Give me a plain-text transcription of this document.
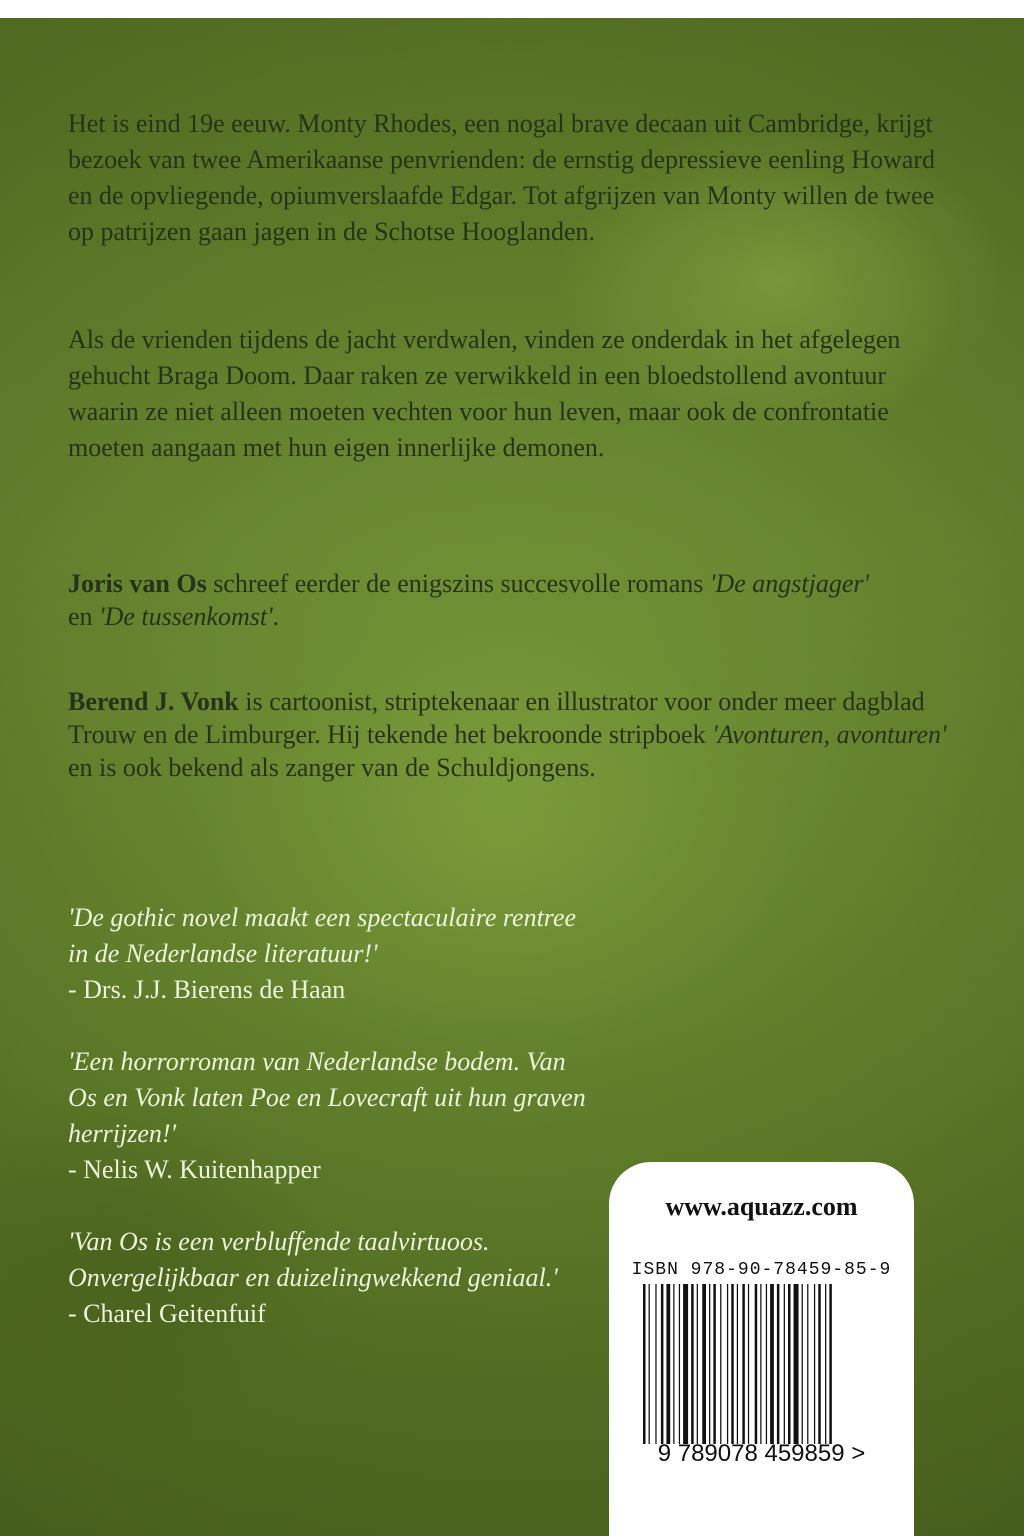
Het is eind 19e eeuw. Monty Rhodes, een nogal brave decaan uit Cambridge, krijgt bezoek van twee Amerikaanse penvrienden: de ernstig depressieve eenling Howard en de opvliegende, opiumverslaafde Edgar. Tot afgrijzen van Monty willen de twee op patrijzen gaan jagen in de Schotse Hooglanden.

Als de vrienden tijdens de jacht verdwalen, vinden ze onderdak in het afgelegen gehucht Braga Doom. Daar raken ze verwikkeld in een bloedstollend avontuur waarin ze niet alleen moeten vechten voor hun leven, maar ook de confrontatie moeten aangaan met hun eigen innerlijke demonen.

Joris van Os schreef eerder de enigszins succesvolle romans 'De angstjager'
en 'De tussenkomst'.

Berend J. Vonk is cartoonist, striptekenaar en illustrator voor onder meer dagblad Trouw en de Limburger. Hij tekende het bekroonde stripboek 'Avonturen, avonturen' en is ook bekend als zanger van de Schuldjongens.

'De gothic novel maakt een spectaculaire rentree in de Nederlandse literatuur!'
- Drs. J.J. Bierens de Haan
'Een horrorroman van Nederlandse bodem. Van Os en Vonk laten Poe en Lovecraft uit hun graven herrijzen!'
- Nelis W. Kuitenhapper
'Van Os is een verbluffende taalvirtuoos. Onvergelijkbaar en duizelingwekkend geniaal.'
- Charel Geitenfuif
www.aquazz.com
ISBN 978-90-78459-85-9
9 789078 459859 >
